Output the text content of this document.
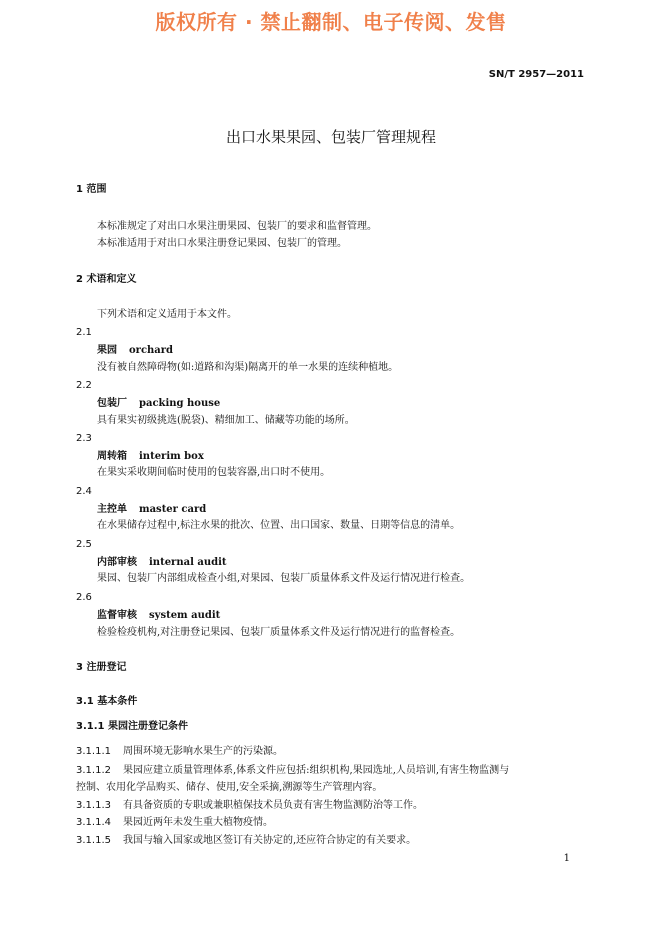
版权所有 · 禁止翻制、电子传阅、发售
SN/T 2957—2011
出口水果果园、包装厂管理规程
1 范围
本标准规定了对出口水果注册果园、包装厂的要求和监督管理。
本标准适用于对出口水果注册登记果园、包装厂的管理。
2 术语和定义
下列术语和定义适用于本文件。
2.1
果园 orchard
没有被自然障碍物(如:道路和沟渠)隔离开的单一水果的连续种植地。
2.2
包装厂 packing house
具有果实初级挑选(脱袋)、精细加工、储藏等功能的场所。
2.3
周转箱 interim box
在果实采收期间临时使用的包装容器,出口时不使用。
2.4
主控单 master card
在水果储存过程中,标注水果的批次、位置、出口国家、数量、日期等信息的清单。
2.5
内部审核 internal audit
果园、包装厂内部组成检查小组,对果园、包装厂质量体系文件及运行情况进行检查。
2.6
监督审核 system audit
检验检疫机构,对注册登记果园、包装厂质量体系文件及运行情况进行的监督检查。
3 注册登记
3.1 基本条件
3.1.1 果园注册登记条件
3.1.1.1 周围环境无影响水果生产的污染源。
3.1.1.2 果园应建立质量管理体系,体系文件应包括:组织机构,果园选址,人员培训,有害生物监测与
控制、农用化学品购买、储存、使用,安全采摘,溯源等生产管理内容。
3.1.1.3 有具备资质的专职或兼职植保技术员负责有害生物监测防治等工作。
3.1.1.4 果园近两年未发生重大植物疫情。
3.1.1.5 我国与输入国家或地区签订有关协定的,还应符合协定的有关要求。
1
